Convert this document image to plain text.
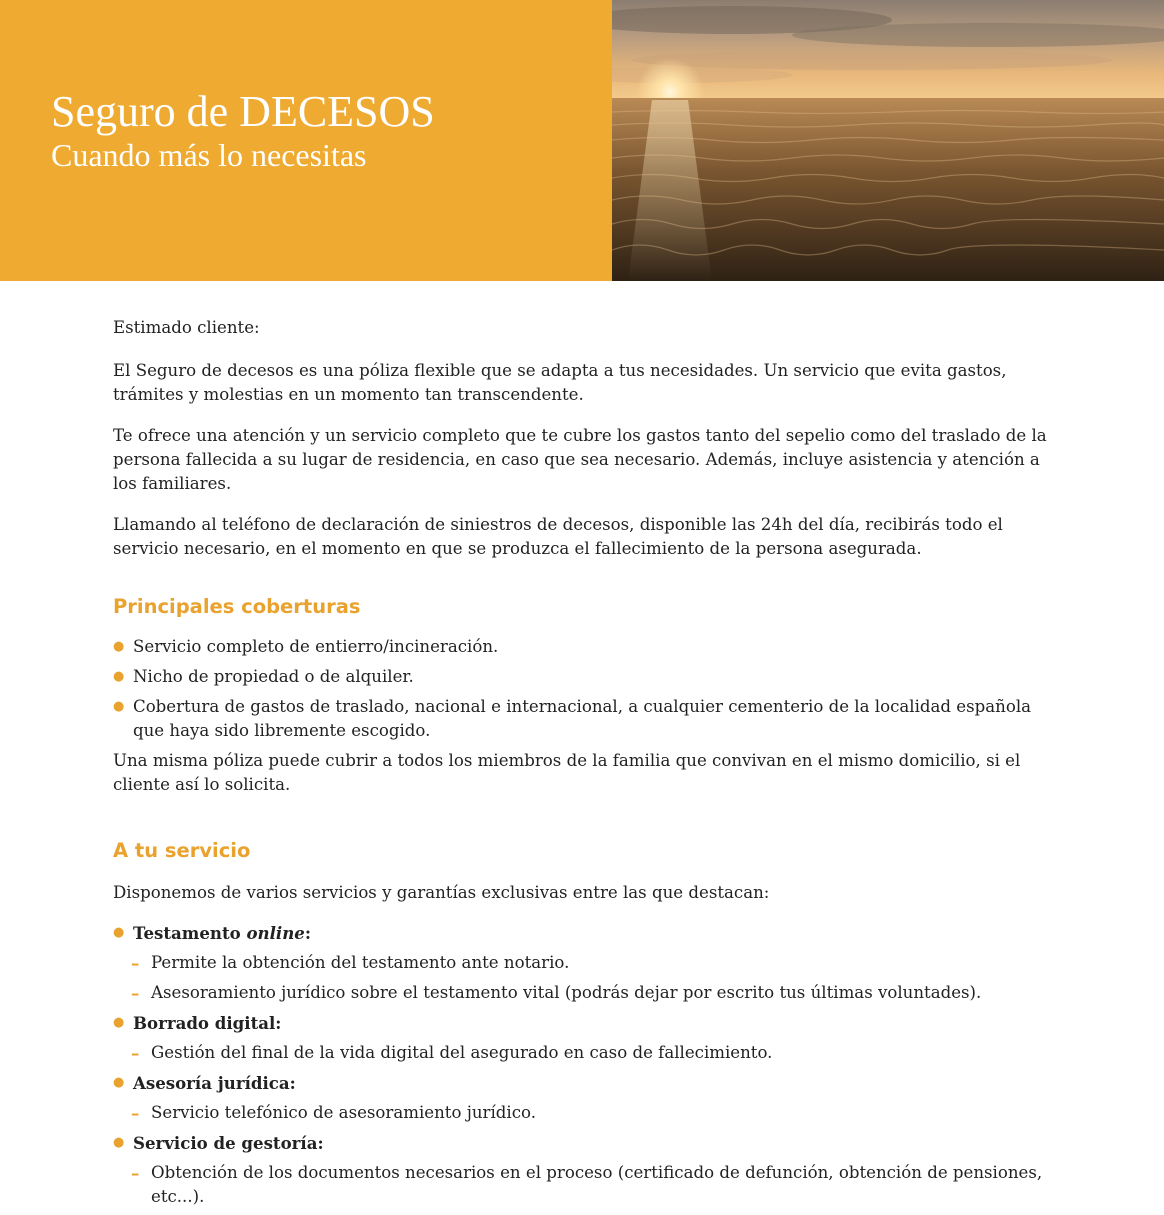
Seguro de DECESOS
Cuando más lo necesitas

Estimado cliente:

El Seguro de decesos es una póliza flexible que se adapta a tus necesidades. Un servicio que evita gastos, trámites y molestias en un momento tan transcendente.

Te ofrece una atención y un servicio completo que te cubre los gastos tanto del sepelio como del traslado de la persona fallecida a su lugar de residencia, en caso que sea necesario. Además, incluye asistencia y atención a los familiares.

Llamando al teléfono de declaración de siniestros de decesos, disponible las 24h del día, recibirás todo el servicio necesario, en el momento en que se produzca el fallecimiento de la persona asegurada.

Principales coberturas
● Servicio completo de entierro/incineración.
● Nicho de propiedad o de alquiler.
● Cobertura de gastos de traslado, nacional e internacional, a cualquier cementerio de la localidad española que haya sido libremente escogido.

Una misma póliza puede cubrir a todos los miembros de la familia que convivan en el mismo domicilio, si el cliente así lo solicita.

A tu servicio

Disponemos de varios servicios y garantías exclusivas entre las que destacan:

● Testamento online:
– Permite la obtención del testamento ante notario.
– Asesoramiento jurídico sobre el testamento vital (podrás dejar por escrito tus últimas voluntades).
● Borrado digital:
– Gestión del final de la vida digital del asegurado en caso de fallecimiento.
● Asesoría jurídica:
– Servicio telefónico de asesoramiento jurídico.
● Servicio de gestoría:
– Obtención de los documentos necesarios en el proceso (certificado de defunción, obtención de pensiones, etc...).
